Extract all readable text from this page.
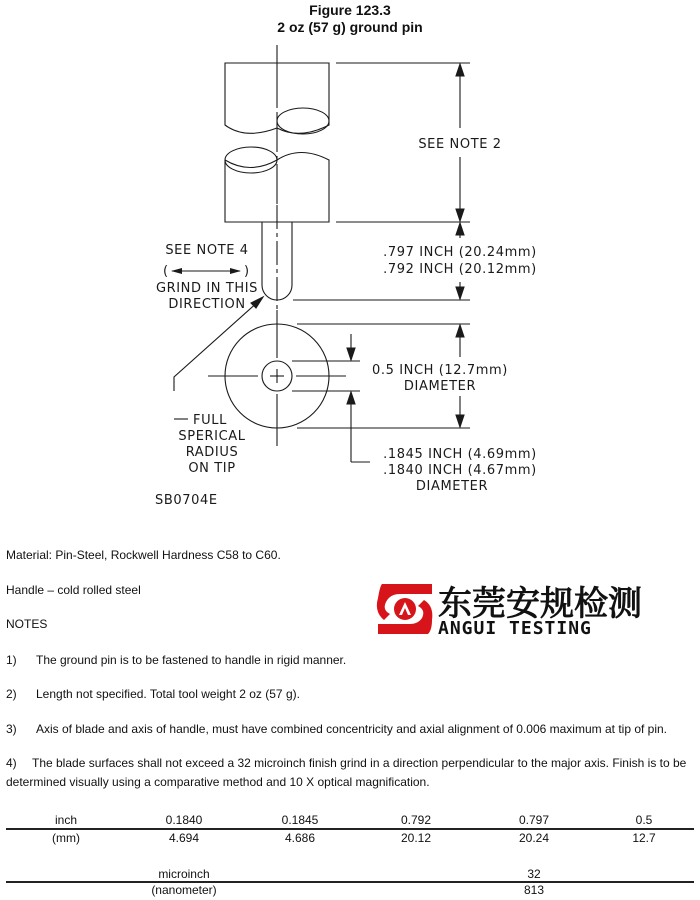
Figure 123.3
2 oz (57 g) ground pin
SEE NOTE 2
.797 INCH (20.24mm)
.792 INCH (20.12mm)
SEE NOTE 4
(	)
GRIND IN THIS
DIRECTION
0.5 INCH (12.7mm)
DIAMETER
FULL
SPERICAL
RADIUS
ON TIP
.1845 INCH (4.69mm)
.1840 INCH (4.67mm)
DIAMETER
SB0704E
Material: Pin-Steel, Rockwell Hardness C58 to C60.
Handle – cold rolled steel
NOTES	东莞安规检测
ANGUI TESTING
1) The ground pin is to be fastened to handle in rigid manner.
2) Length not specified. Total tool weight 2 oz (57 g).
3) Axis of blade and axis of handle, must have combined concentricity and axial alignment of 0.006 maximum at tip of pin.
4) The blade surfaces shall not exceed a 32 microinch finish grind in a direction perpendicular to the major axis. Finish is to be determined visually using a comparative method and 10 X optical magnification.
inch	0.1840	0.1845	0.792	0.797	0.5
(mm)	4.694	4.686	20.12	20.24	12.7
	microinch			32	
	(nanometer)			813	
